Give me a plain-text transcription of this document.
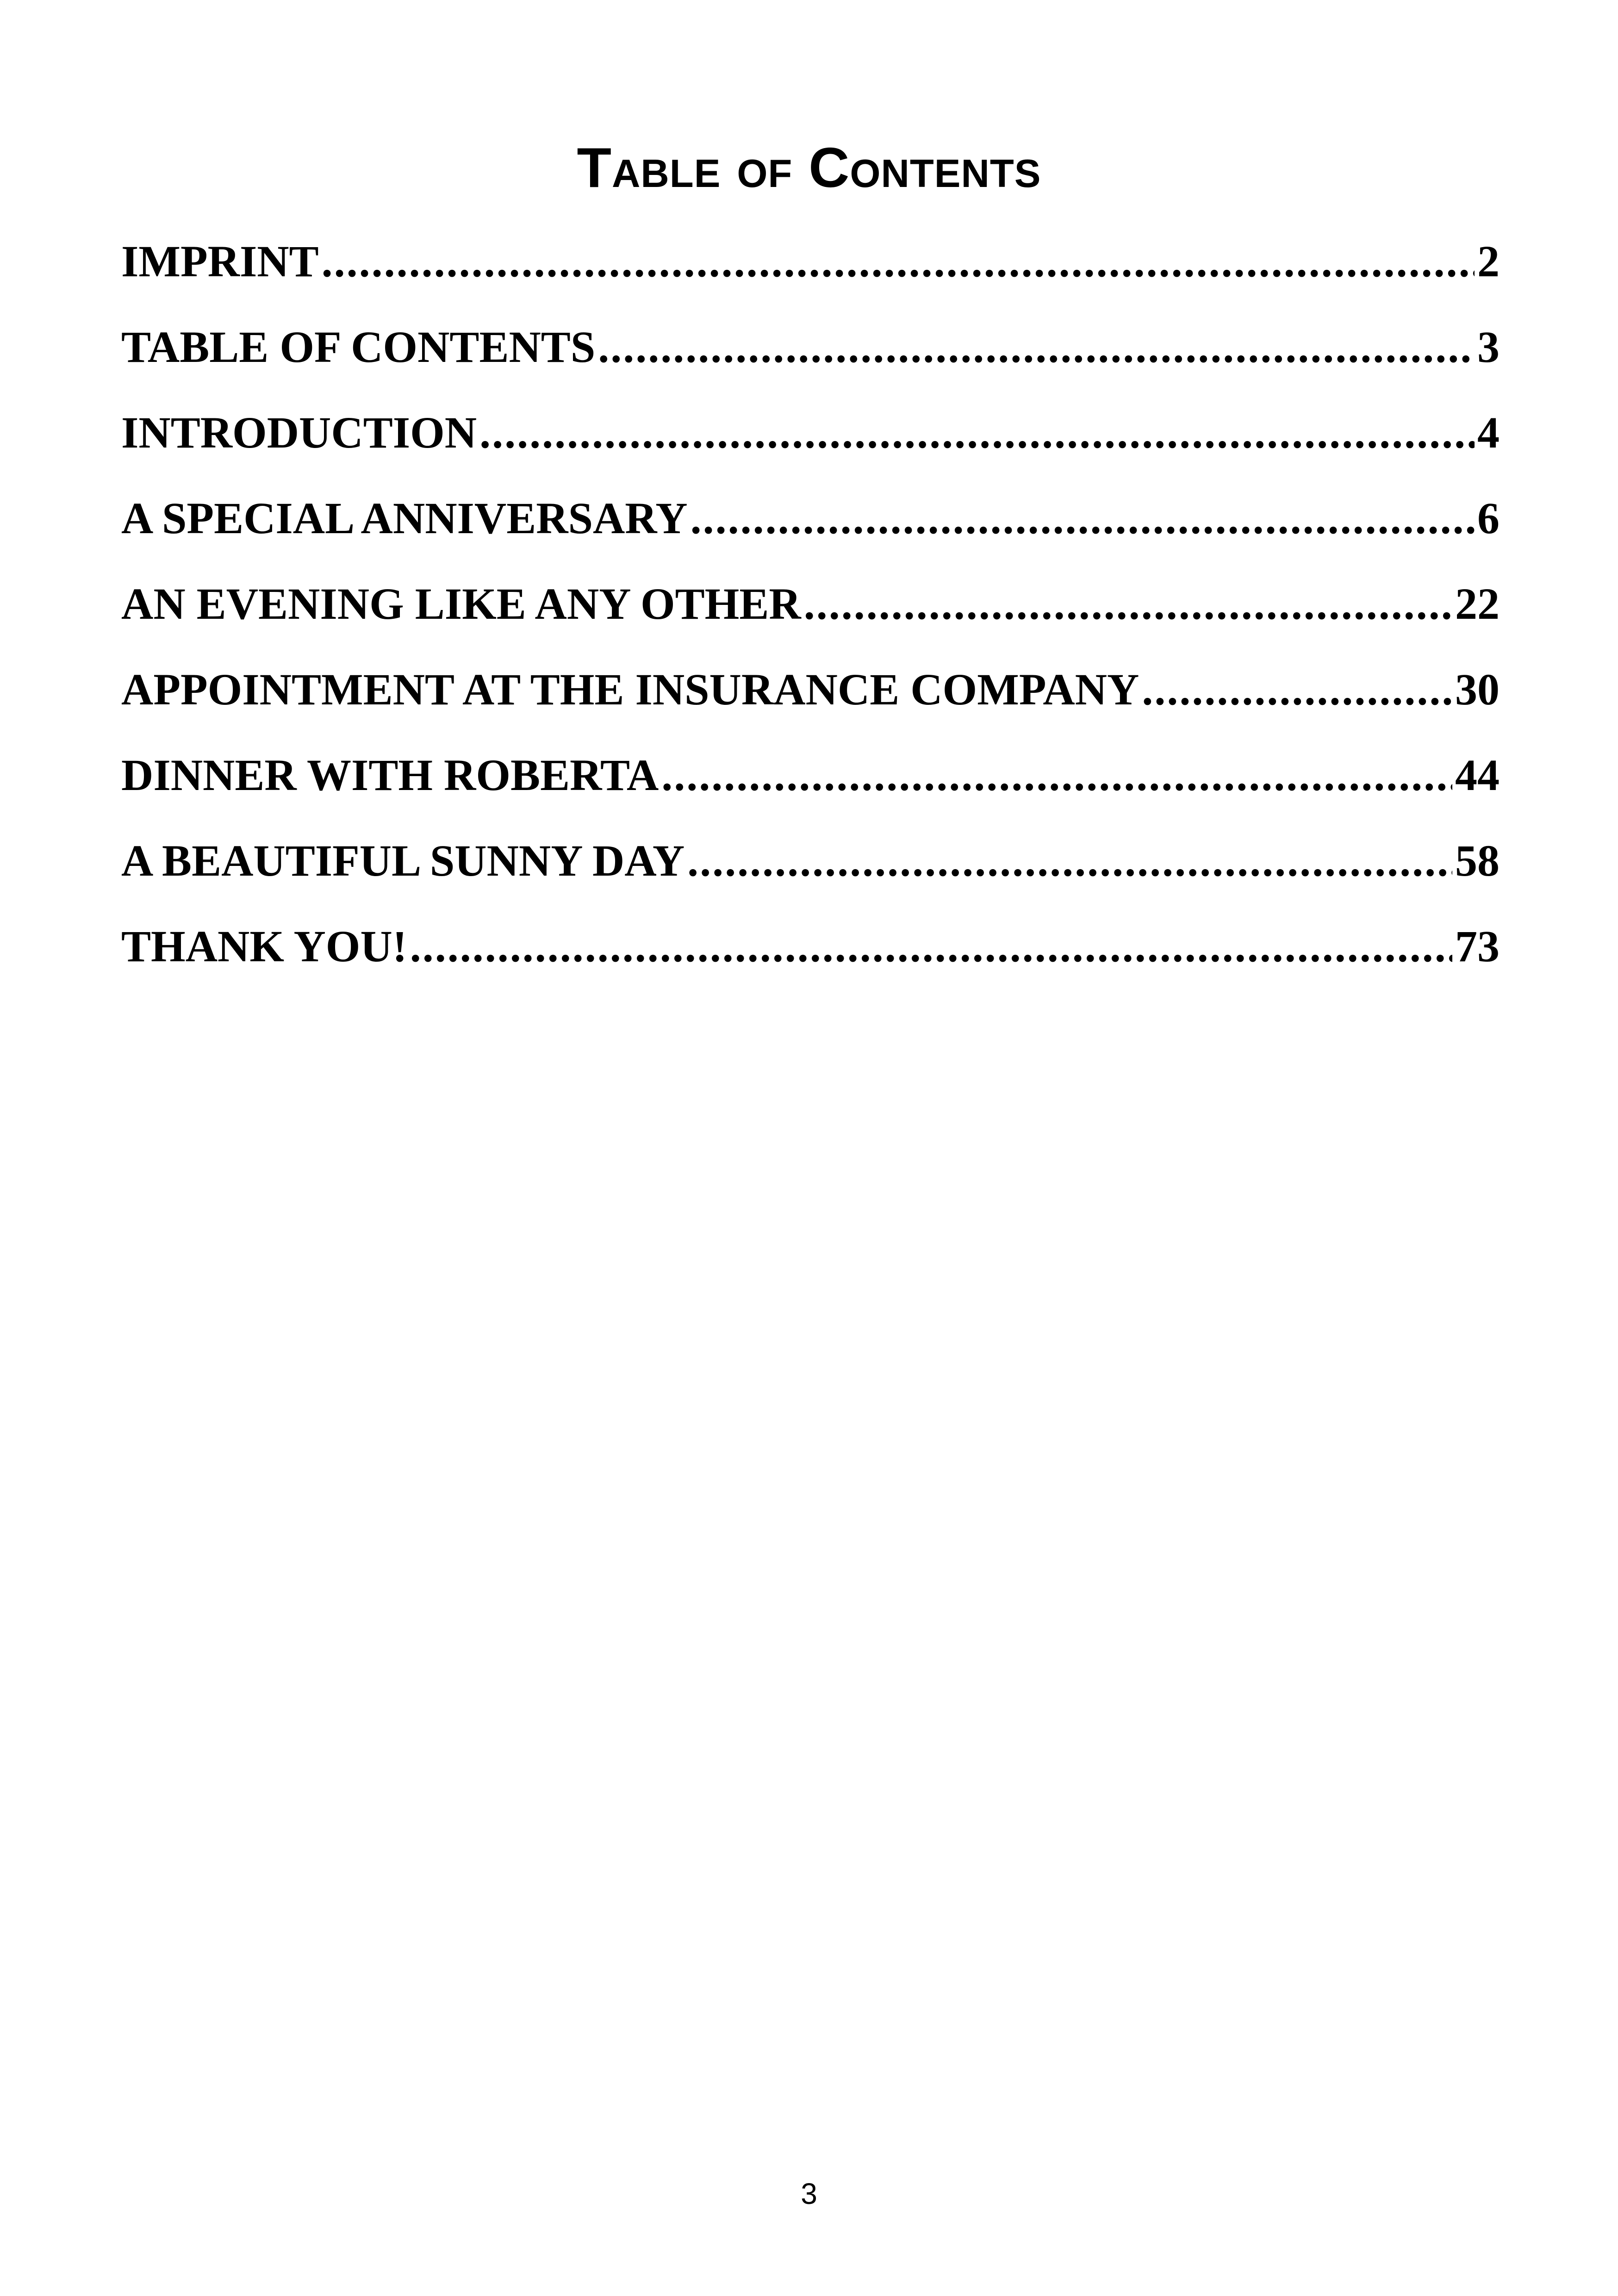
Table of Contents
IMPRINT .....	2
TABLE OF CONTENTS .....	3
INTRODUCTION .....	4
A SPECIAL ANNIVERSARY .....	6
AN EVENING LIKE ANY OTHER .....	22
APPOINTMENT AT THE INSURANCE COMPANY .....	30
DINNER WITH ROBERTA .....	44
A BEAUTIFUL SUNNY DAY .....	58
THANK YOU! .....	73
3
